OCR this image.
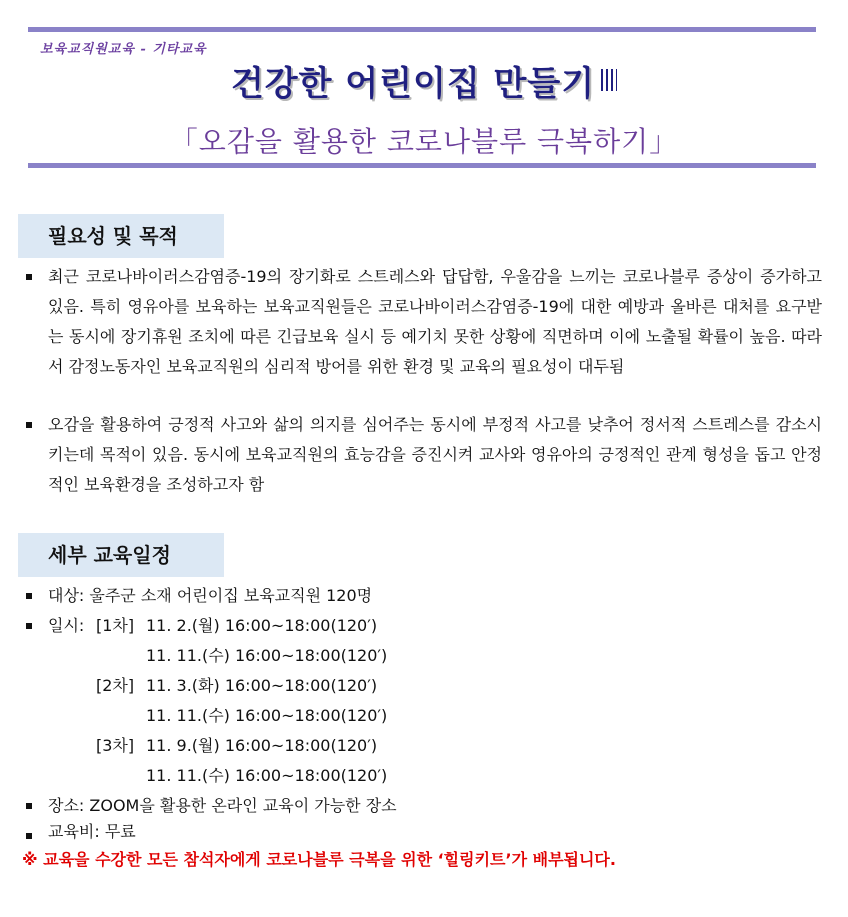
보육교직원교육 - 기타교육
건강한 어린이집 만들기
「오감을 활용한 코로나블루 극복하기」
필요성 및 목적
최근 코로나바이러스감염증-19의 장기화로 스트레스와 답답함, 우울감을 느끼는 코로나블루 증상이 증가하고 있음. 특히 영유아를 보육하는 보육교직원들은 코로나바이러스감염증-19에 대한 예방과 올바른 대처를 요구받는 동시에 장기휴원 조치에 따른 긴급보육 실시 등 예기치 못한 상황에 직면하며 이에 노출될 확률이 높음. 따라서 감정노동자인 보육교직원의 심리적 방어를 위한 환경 및 교육의 필요성이 대두됨
오감을 활용하여 긍정적 사고와 삶의 의지를 심어주는 동시에 부정적 사고를 낮추어 정서적 스트레스를 감소시키는데 목적이 있음. 동시에 보육교직원의 효능감을 증진시켜 교사와 영유아의 긍정적인 관계 형성을 돕고 안정적인 보육환경을 조성하고자 함
세부 교육일정
대상: 울주군 소재 어린이집 보육교직원 120명
일시: [1차] 11. 2.(월) 16:00~18:00(120′)
11. 11.(수) 16:00~18:00(120′)
[2차] 11. 3.(화) 16:00~18:00(120′)
11. 11.(수) 16:00~18:00(120′)
[3차] 11. 9.(월) 16:00~18:00(120′)
11. 11.(수) 16:00~18:00(120′)
장소: ZOOM을 활용한 온라인 교육이 가능한 장소
교육비: 무료
※ 교육을 수강한 모든 참석자에게 코로나블루 극복을 위한 ‘힐링키트’가 배부됩니다.
